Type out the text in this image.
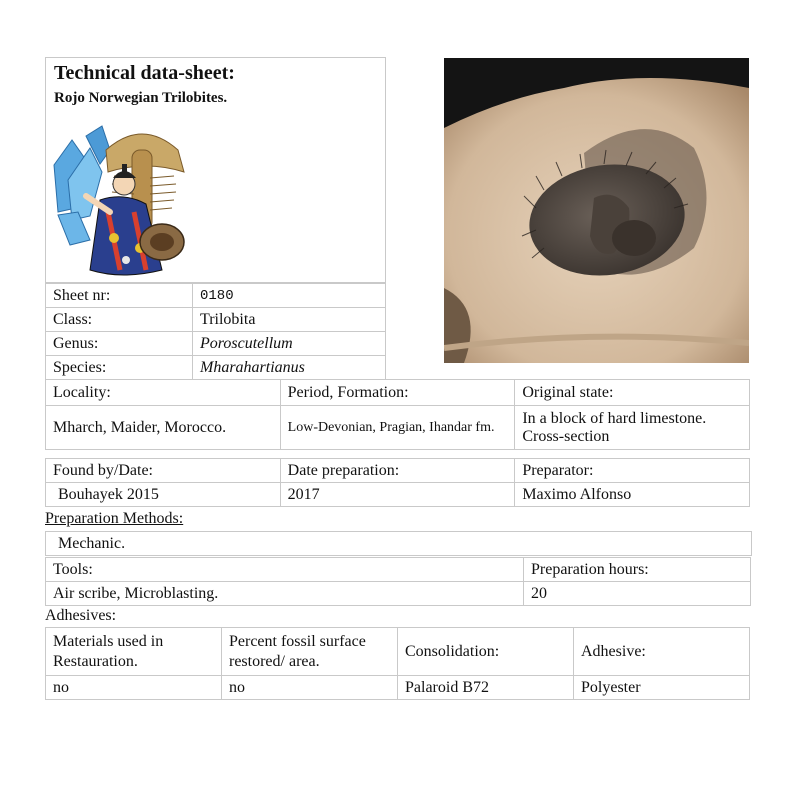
Technical data-sheet:
Rojo Norwegian Trilobites.
Sheet nr:	0180
Class:	Trilobita
Genus:	Poroscutellum
Species:	Mharahartianus
Locality:	Period, Formation:	Original state:
Mharch, Maider, Morocco.	Low-Devonian, Pragian, Ihandar fm.	In a block of hard limestone. Cross-section
Found by/Date:	Date preparation:	Preparator:
Bouhayek 2015	2017	Maximo Alfonso
Preparation Methods:
Mechanic.
Tools:	Preparation hours:
Air scribe, Microblasting.	20
Adhesives:
Materials used in Restauration.	Percent fossil surface restored/ area.	Consolidation:	Adhesive:
no	no	Palaroid B72	Polyester
